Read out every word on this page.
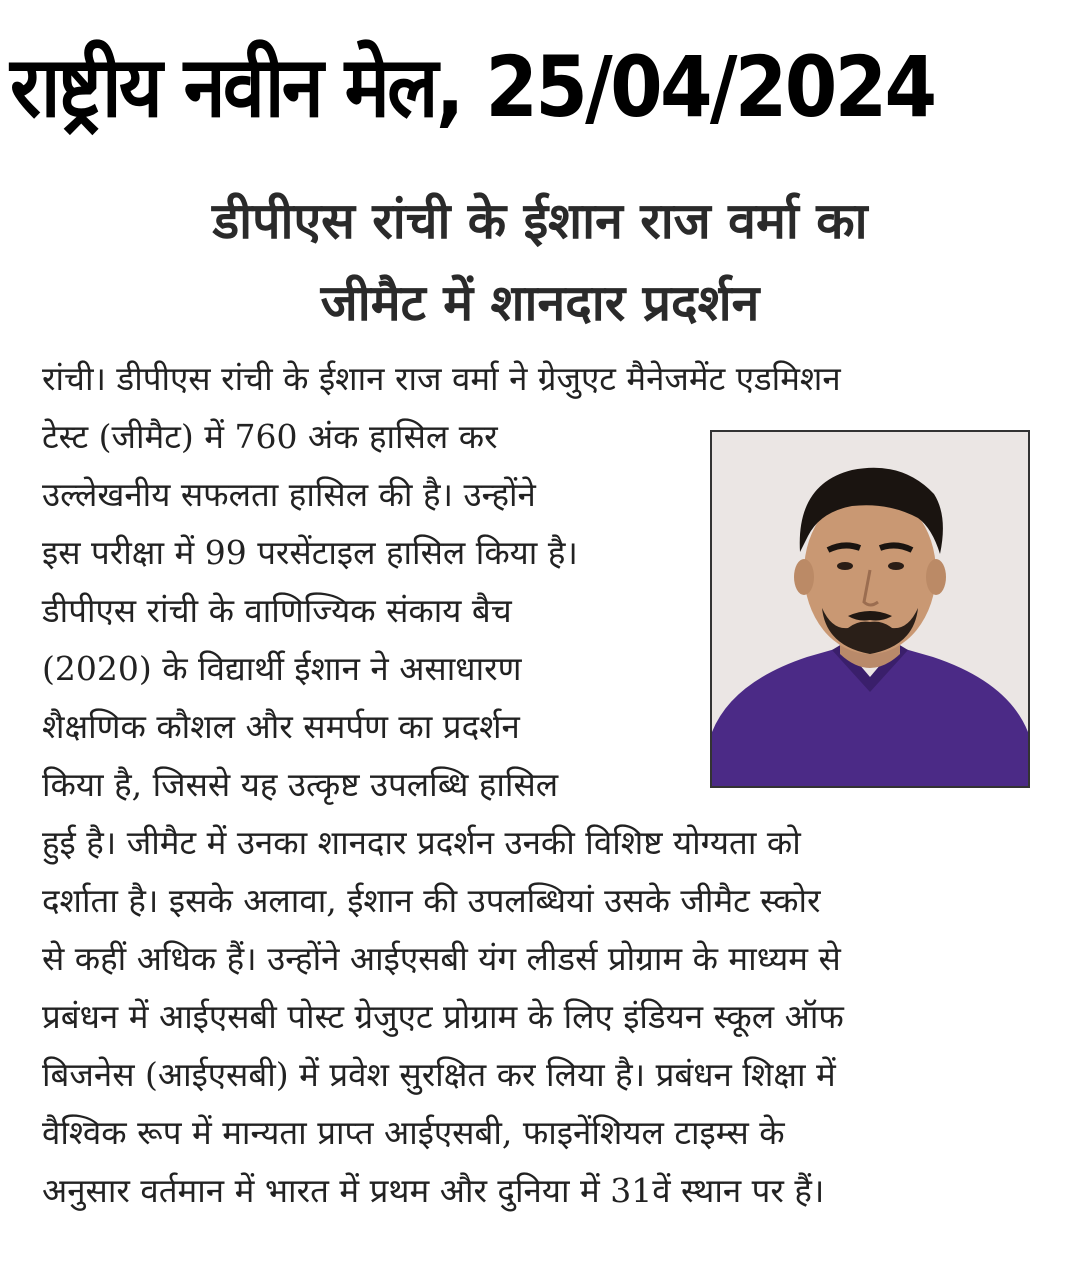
राष्ट्रीय नवीन मेल, 25/04/2024
डीपीएस रांची के ईशान राज वर्मा का
जीमैट में शानदार प्रदर्शन
रांची। डीपीएस रांची के ईशान राज वर्मा ने ग्रेजुएट मैनेजमेंट एडमिशन
टेस्ट (जीमैट) में 760 अंक हासिल कर
उल्लेखनीय सफलता हासिल की है। उन्होंने
इस परीक्षा में 99 परसेंटाइल हासिल किया है।
डीपीएस रांची के वाणिज्यिक संकाय बैच
(2020) के विद्यार्थी ईशान ने असाधारण
शैक्षणिक कौशल और समर्पण का प्रदर्शन
किया है, जिससे यह उत्कृष्ट उपलब्धि हासिल
हुई है। जीमैट में उनका शानदार प्रदर्शन उनकी विशिष्ट योग्यता को
दर्शाता है। इसके अलावा, ईशान की उपलब्धियां उसके जीमैट स्कोर
से कहीं अधिक हैं। उन्होंने आईएसबी यंग लीडर्स प्रोग्राम के माध्यम से
प्रबंधन में आईएसबी पोस्ट ग्रेजुएट प्रोग्राम के लिए इंडियन स्कूल ऑफ
बिजनेस (आईएसबी) में प्रवेश सुरक्षित कर लिया है। प्रबंधन शिक्षा में
वैश्विक रूप में मान्यता प्राप्त आईएसबी, फाइनेंशियल टाइम्स के
अनुसार वर्तमान में भारत में प्रथम और दुनिया में 31वें स्थान पर हैं।
